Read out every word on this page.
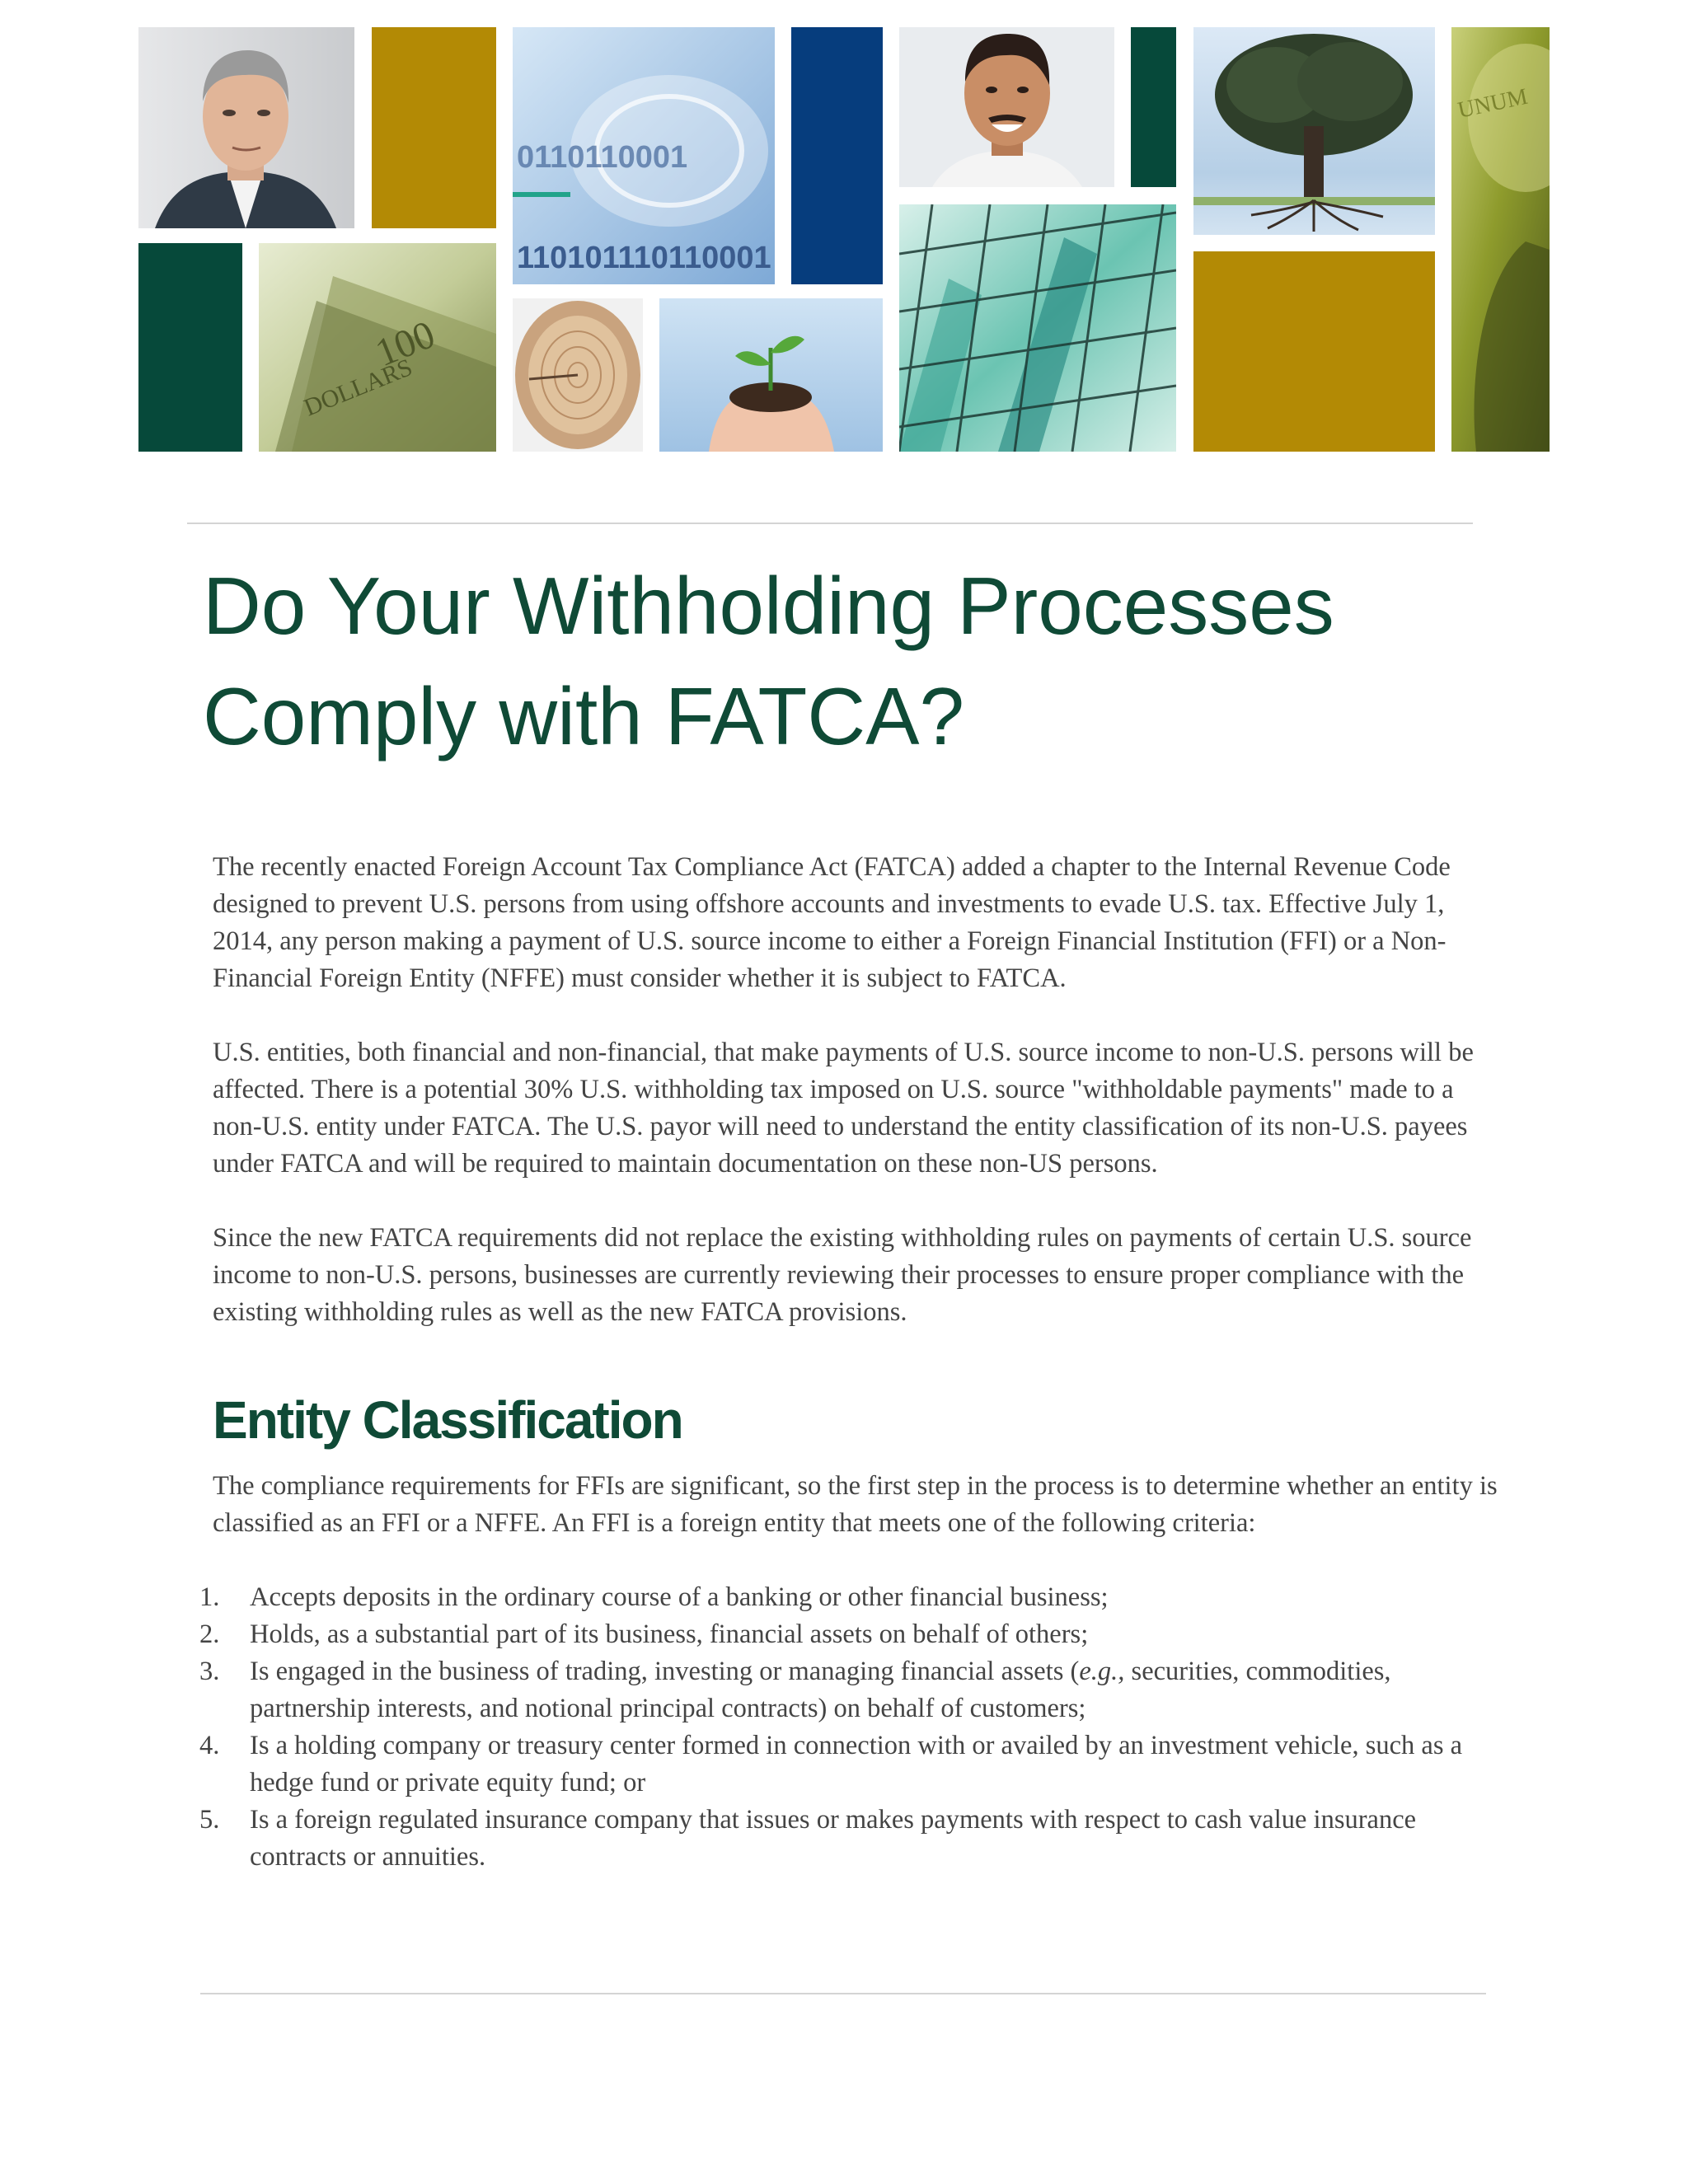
100
DOLLARS
0110110001
110101110110001
UNUM
Do Your Withholding Processes
Comply with FATCA?

The recently enacted Foreign Account Tax Compliance Act (FATCA) added a chapter to the Internal Revenue Code designed to prevent U.S. persons from using offshore accounts and investments to evade U.S. tax. Effective July 1, 2014, any person making a payment of U.S. source income to either a Foreign Financial Institution (FFI) or a Non-Financial Foreign Entity (NFFE) must consider whether it is subject to FATCA.

U.S. entities, both financial and non-financial, that make payments of U.S. source income to non-U.S. persons will be affected. There is a potential 30% U.S. withholding tax imposed on U.S. source "withholdable payments" made to a non-U.S. entity under FATCA. The U.S. payor will need to understand the entity classification of its non-U.S. payees under FATCA and will be required to maintain documentation on these non-US persons.

Since the new FATCA requirements did not replace the existing withholding rules on payments of certain U.S. source income to non-U.S. persons, businesses are currently reviewing their processes to ensure proper compliance with the existing withholding rules as well as the new FATCA provisions.

Entity Classification

The compliance requirements for FFIs are significant, so the first step in the process is to determine whether an entity is classified as an FFI or a NFFE. An FFI is a foreign entity that meets one of the following criteria:

1. Accepts deposits in the ordinary course of a banking or other financial business;
2. Holds, as a substantial part of its business, financial assets on behalf of others;
3. Is engaged in the business of trading, investing or managing financial assets (e.g., securities, commodities, partnership interests, and notional principal contracts) on behalf of customers;
4. Is a holding company or treasury center formed in connection with or availed by an investment vehicle, such as a hedge fund or private equity fund; or
5. Is a foreign regulated insurance company that issues or makes payments with respect to cash value insurance contracts or annuities.
